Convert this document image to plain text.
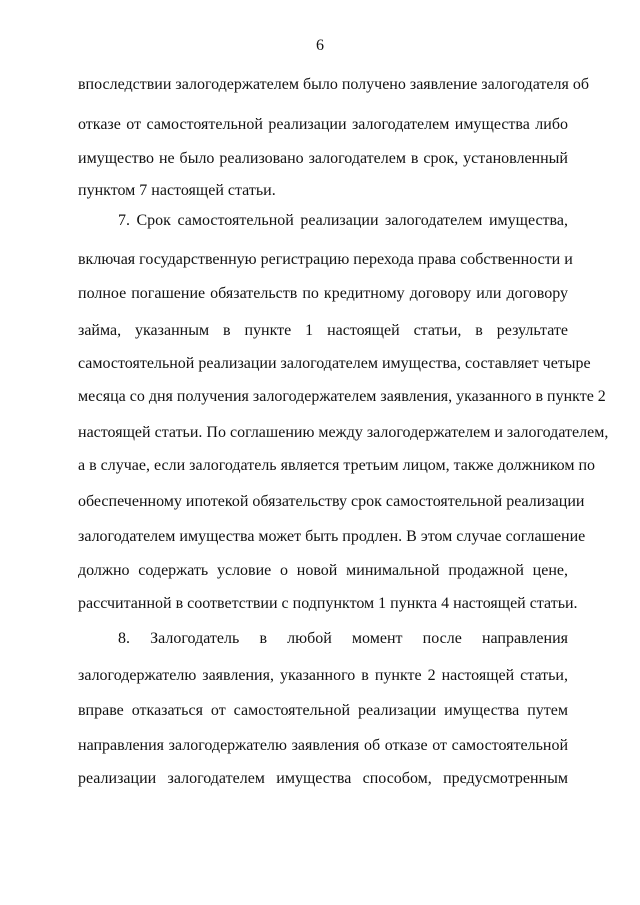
6
впоследствии залогодержателем было получено заявление залогодателя об
отказе от самостоятельной реализации залогодателем имущества либо
имущество не было реализовано залогодателем в срок, установленный
пунктом 7 настоящей статьи.
7. Срок самостоятельной реализации залогодателем имущества,
включая государственную регистрацию перехода права собственности и
полное погашение обязательств по кредитному договору или договору
займа, указанным в пункте 1 настоящей статьи, в результате
самостоятельной реализации залогодателем имущества, составляет четыре
месяца со дня получения залогодержателем заявления, указанного в пункте 2
настоящей статьи. По соглашению между залогодержателем и залогодателем,
а в случае, если залогодатель является третьим лицом, также должником по
обеспеченному ипотекой обязательству срок самостоятельной реализации
залогодателем имущества может быть продлен. В этом случае соглашение
должно содержать условие о новой минимальной продажной цене,
рассчитанной в соответствии с подпунктом 1 пункта 4 настоящей статьи.
8. Залогодатель в любой момент после направления
залогодержателю заявления, указанного в пункте 2 настоящей статьи,
вправе отказаться от самостоятельной реализации имущества путем
направления залогодержателю заявления об отказе от самостоятельной
реализации залогодателем имущества способом, предусмотренным
